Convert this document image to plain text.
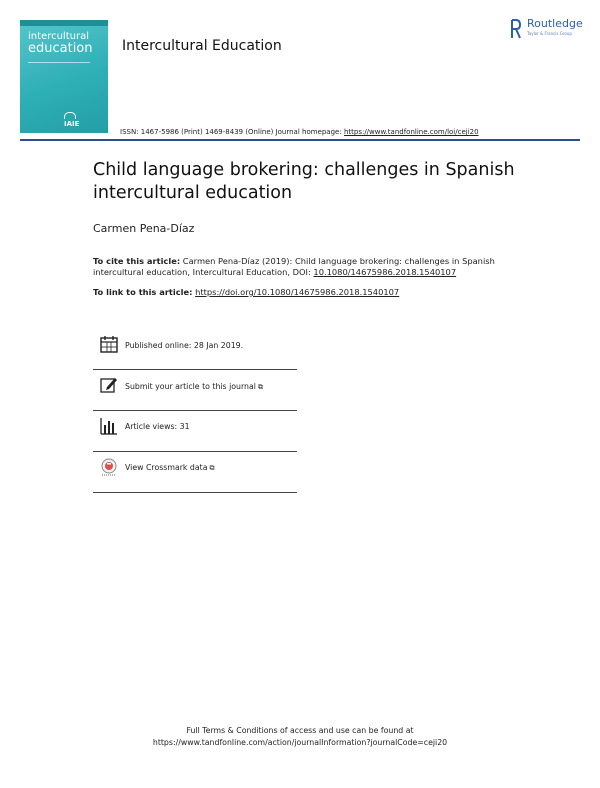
intercultural
education
IAIE
Intercultural Education
Routledge
Taylor & Francis Group
ISSN: 1467-5986 (Print) 1469-8439 (Online) Journal homepage: https://www.tandfonline.com/loi/ceji20
Child language brokering: challenges in Spanish intercultural education
Carmen Pena-Díaz
To cite this article: Carmen Pena-Díaz (2019): Child language brokering: challenges in Spanish intercultural education, Intercultural Education, DOI: 10.1080/14675986.2018.1540107
To link to this article: https://doi.org/10.1080/14675986.2018.1540107
Published online: 28 Jan 2019.
Submit your article to this journal ⧉
Article views: 31
View Crossmark data ⧉
Full Terms & Conditions of access and use can be found at
https://www.tandfonline.com/action/journalInformation?journalCode=ceji20
